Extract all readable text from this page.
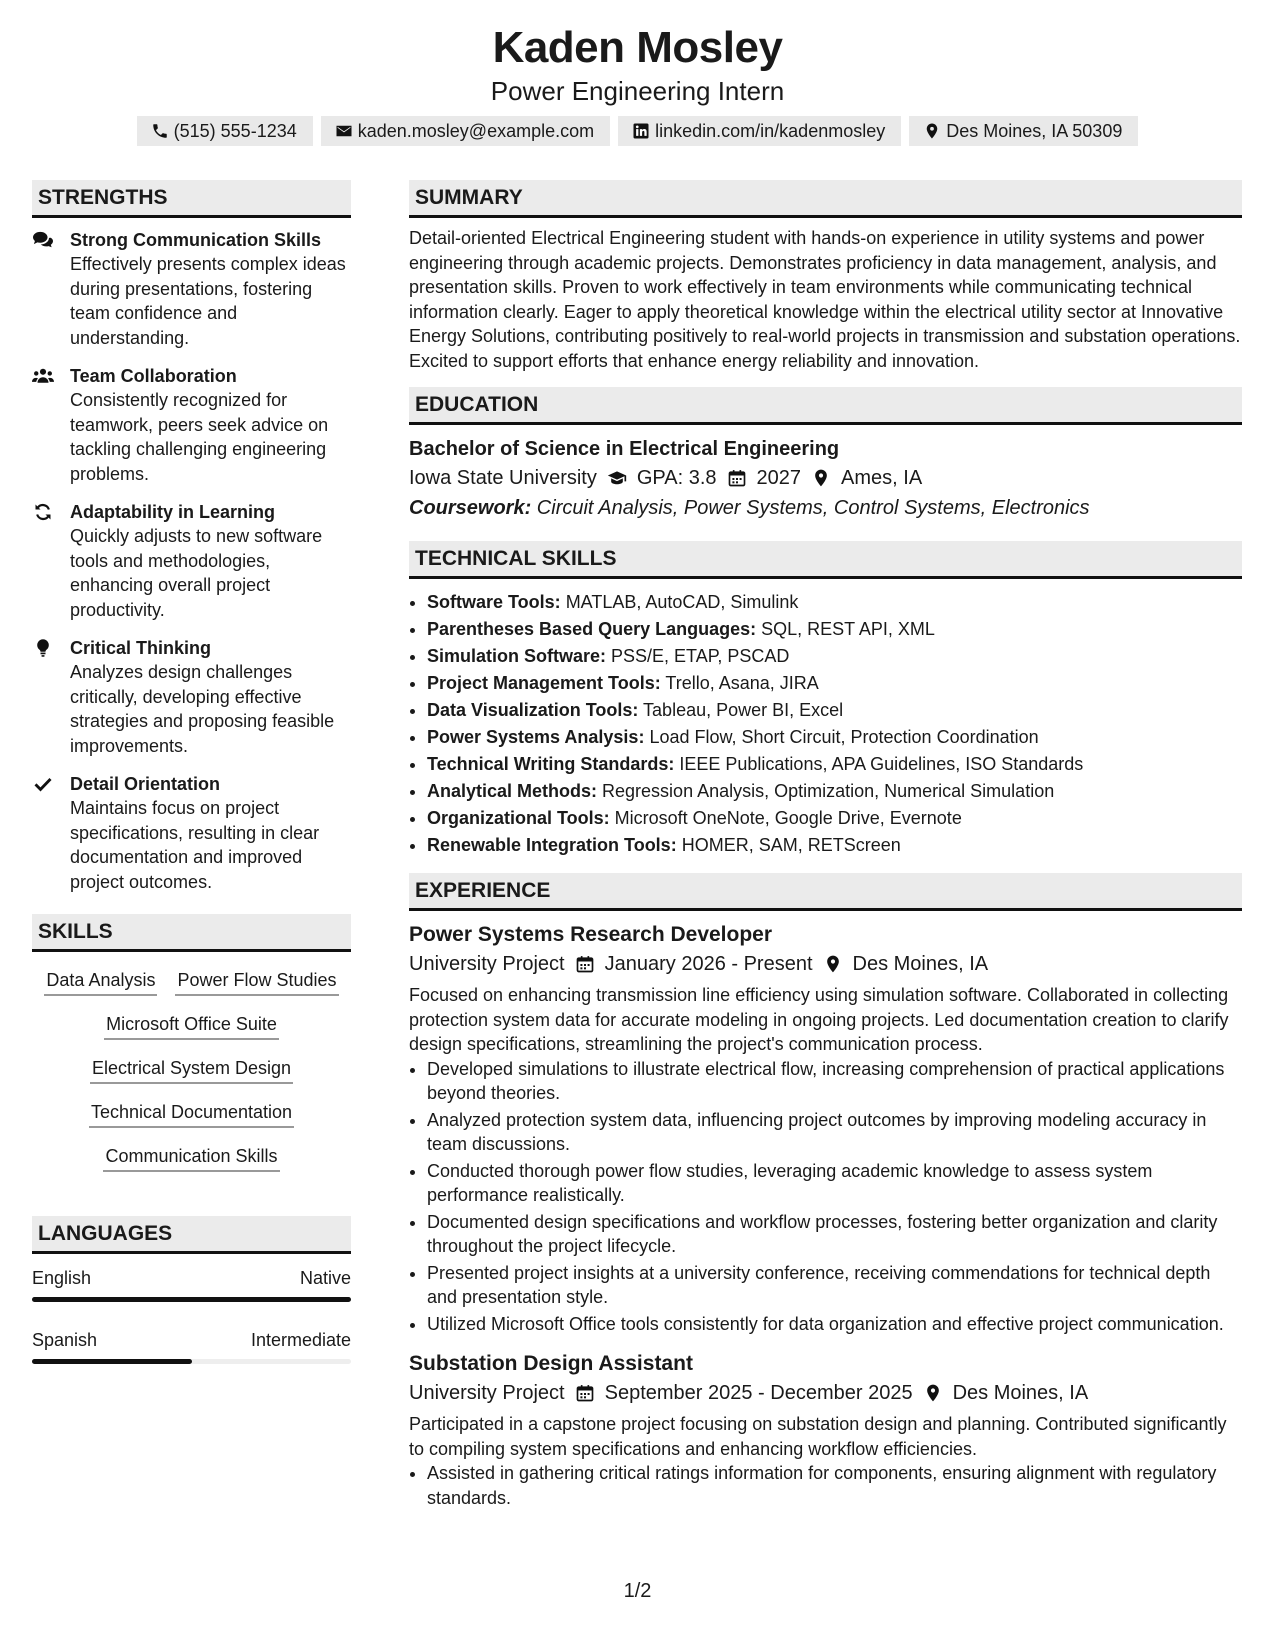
Kaden Mosley
Power Engineering Intern
(515) 555-1234	kaden.mosley@example.com	linkedin.com/in/kadenmosley	Des Moines, IA 50309
STRENGTHS
Strong Communication Skills
Effectively presents complex ideas during presentations, fostering team confidence and understanding.
Team Collaboration
Consistently recognized for teamwork, peers seek advice on tackling challenging engineering problems.
Adaptability in Learning
Quickly adjusts to new software tools and methodologies, enhancing overall project productivity.
Critical Thinking
Analyzes design challenges critically, developing effective strategies and proposing feasible improvements.
Detail Orientation
Maintains focus on project specifications, resulting in clear documentation and improved project outcomes.
SKILLS
Data Analysis Power Flow Studies
Microsoft Office Suite
Electrical System Design
Technical Documentation
Communication Skills
LANGUAGES
English	Native
Spanish	Intermediate
SUMMARY
Detail-oriented Electrical Engineering student with hands-on experience in utility systems and power engineering through academic projects. Demonstrates proficiency in data management, analysis, and presentation skills. Proven to work effectively in team environments while communicating technical information clearly. Eager to apply theoretical knowledge within the electrical utility sector at Innovative Energy Solutions, contributing positively to real-world projects in transmission and substation operations. Excited to support efforts that enhance energy reliability and innovation.
EDUCATION
Bachelor of Science in Electrical Engineering
Iowa State University GPA: 3.8 2027 Ames, IA
Coursework: Circuit Analysis, Power Systems, Control Systems, Electronics
TECHNICAL SKILLS
• Software Tools: MATLAB, AutoCAD, Simulink
• Parentheses Based Query Languages: SQL, REST API, XML
• Simulation Software: PSS/E, ETAP, PSCAD
• Project Management Tools: Trello, Asana, JIRA
• Data Visualization Tools: Tableau, Power BI, Excel
• Power Systems Analysis: Load Flow, Short Circuit, Protection Coordination
• Technical Writing Standards: IEEE Publications, APA Guidelines, ISO Standards
• Analytical Methods: Regression Analysis, Optimization, Numerical Simulation
• Organizational Tools: Microsoft OneNote, Google Drive, Evernote
• Renewable Integration Tools: HOMER, SAM, RETScreen
EXPERIENCE
Power Systems Research Developer
University Project January 2026 - Present Des Moines, IA
Focused on enhancing transmission line efficiency using simulation software. Collaborated in collecting protection system data for accurate modeling in ongoing projects. Led documentation creation to clarify design specifications, streamlining the project's communication process.
• Developed simulations to illustrate electrical flow, increasing comprehension of practical applications beyond theories.
• Analyzed protection system data, influencing project outcomes by improving modeling accuracy in team discussions.
• Conducted thorough power flow studies, leveraging academic knowledge to assess system performance realistically.
• Documented design specifications and workflow processes, fostering better organization and clarity throughout the project lifecycle.
• Presented project insights at a university conference, receiving commendations for technical depth and presentation style.
• Utilized Microsoft Office tools consistently for data organization and effective project communication.
Substation Design Assistant
University Project September 2025 - December 2025 Des Moines, IA
Participated in a capstone project focusing on substation design and planning. Contributed significantly to compiling system specifications and enhancing workflow efficiencies.
• Assisted in gathering critical ratings information for components, ensuring alignment with regulatory standards.
1/2
